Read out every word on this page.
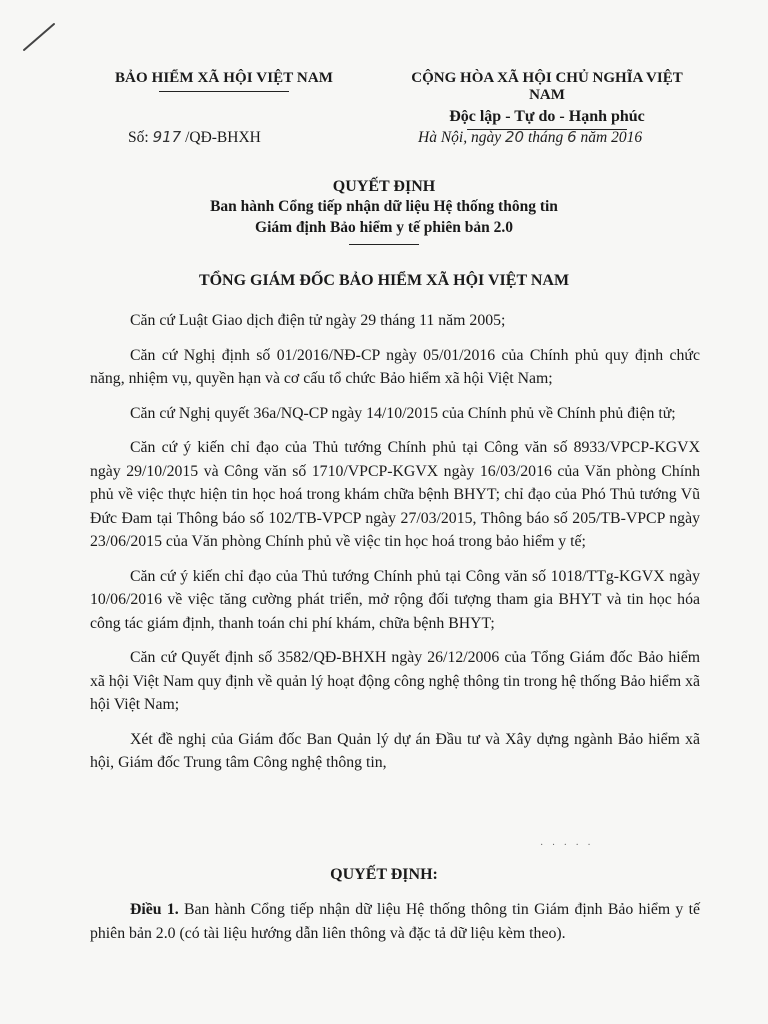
BẢO HIỂM XÃ HỘI VIỆT NAM	CỘNG HÒA XÃ HỘI CHỦ NGHĨA VIỆT NAM
Độc lập - Tự do - Hạnh phúc
Số: 917 /QĐ-BHXH	Hà Nội, ngày 20 tháng 6 năm 2016
QUYẾT ĐỊNH
Ban hành Cổng tiếp nhận dữ liệu Hệ thống thông tin
Giám định Bảo hiểm y tế phiên bản 2.0
TỔNG GIÁM ĐỐC BẢO HIỂM XÃ HỘI VIỆT NAM

Căn cứ Luật Giao dịch điện tử ngày 29 tháng 11 năm 2005;

Căn cứ Nghị định số 01/2016/NĐ-CP ngày 05/01/2016 của Chính phủ quy định chức năng, nhiệm vụ, quyền hạn và cơ cấu tổ chức Bảo hiểm xã hội Việt Nam;

Căn cứ Nghị quyết 36a/NQ-CP ngày 14/10/2015 của Chính phủ về Chính phủ điện tử;

Căn cứ ý kiến chỉ đạo của Thủ tướng Chính phủ tại Công văn số 8933/VPCP-KGVX ngày 29/10/2015 và Công văn số 1710/VPCP-KGVX ngày 16/03/2016 của Văn phòng Chính phủ về việc thực hiện tin học hoá trong khám chữa bệnh BHYT; chỉ đạo của Phó Thủ tướng Vũ Đức Đam tại Thông báo số 102/TB-VPCP ngày 27/03/2015, Thông báo số 205/TB-VPCP ngày 23/06/2015 của Văn phòng Chính phủ về việc tin học hoá trong bảo hiểm y tế;

Căn cứ ý kiến chỉ đạo của Thủ tướng Chính phủ tại Công văn số 1018/TTg-KGVX ngày 10/06/2016 về việc tăng cường phát triển, mở rộng đối tượng tham gia BHYT và tin học hóa công tác giám định, thanh toán chi phí khám, chữa bệnh BHYT;

Căn cứ Quyết định số 3582/QĐ-BHXH ngày 26/12/2006 của Tổng Giám đốc Bảo hiểm xã hội Việt Nam quy định về quản lý hoạt động công nghệ thông tin trong hệ thống Bảo hiểm xã hội Việt Nam;

Xét đề nghị của Giám đốc Ban Quản lý dự án Đầu tư và Xây dựng ngành Bảo hiểm xã hội, Giám đốc Trung tâm Công nghệ thông tin,

· · · · ·
QUYẾT ĐỊNH:

Điều 1. Ban hành Cổng tiếp nhận dữ liệu Hệ thống thông tin Giám định Bảo hiểm y tế phiên bản 2.0 (có tài liệu hướng dẫn liên thông và đặc tả dữ liệu kèm theo).
